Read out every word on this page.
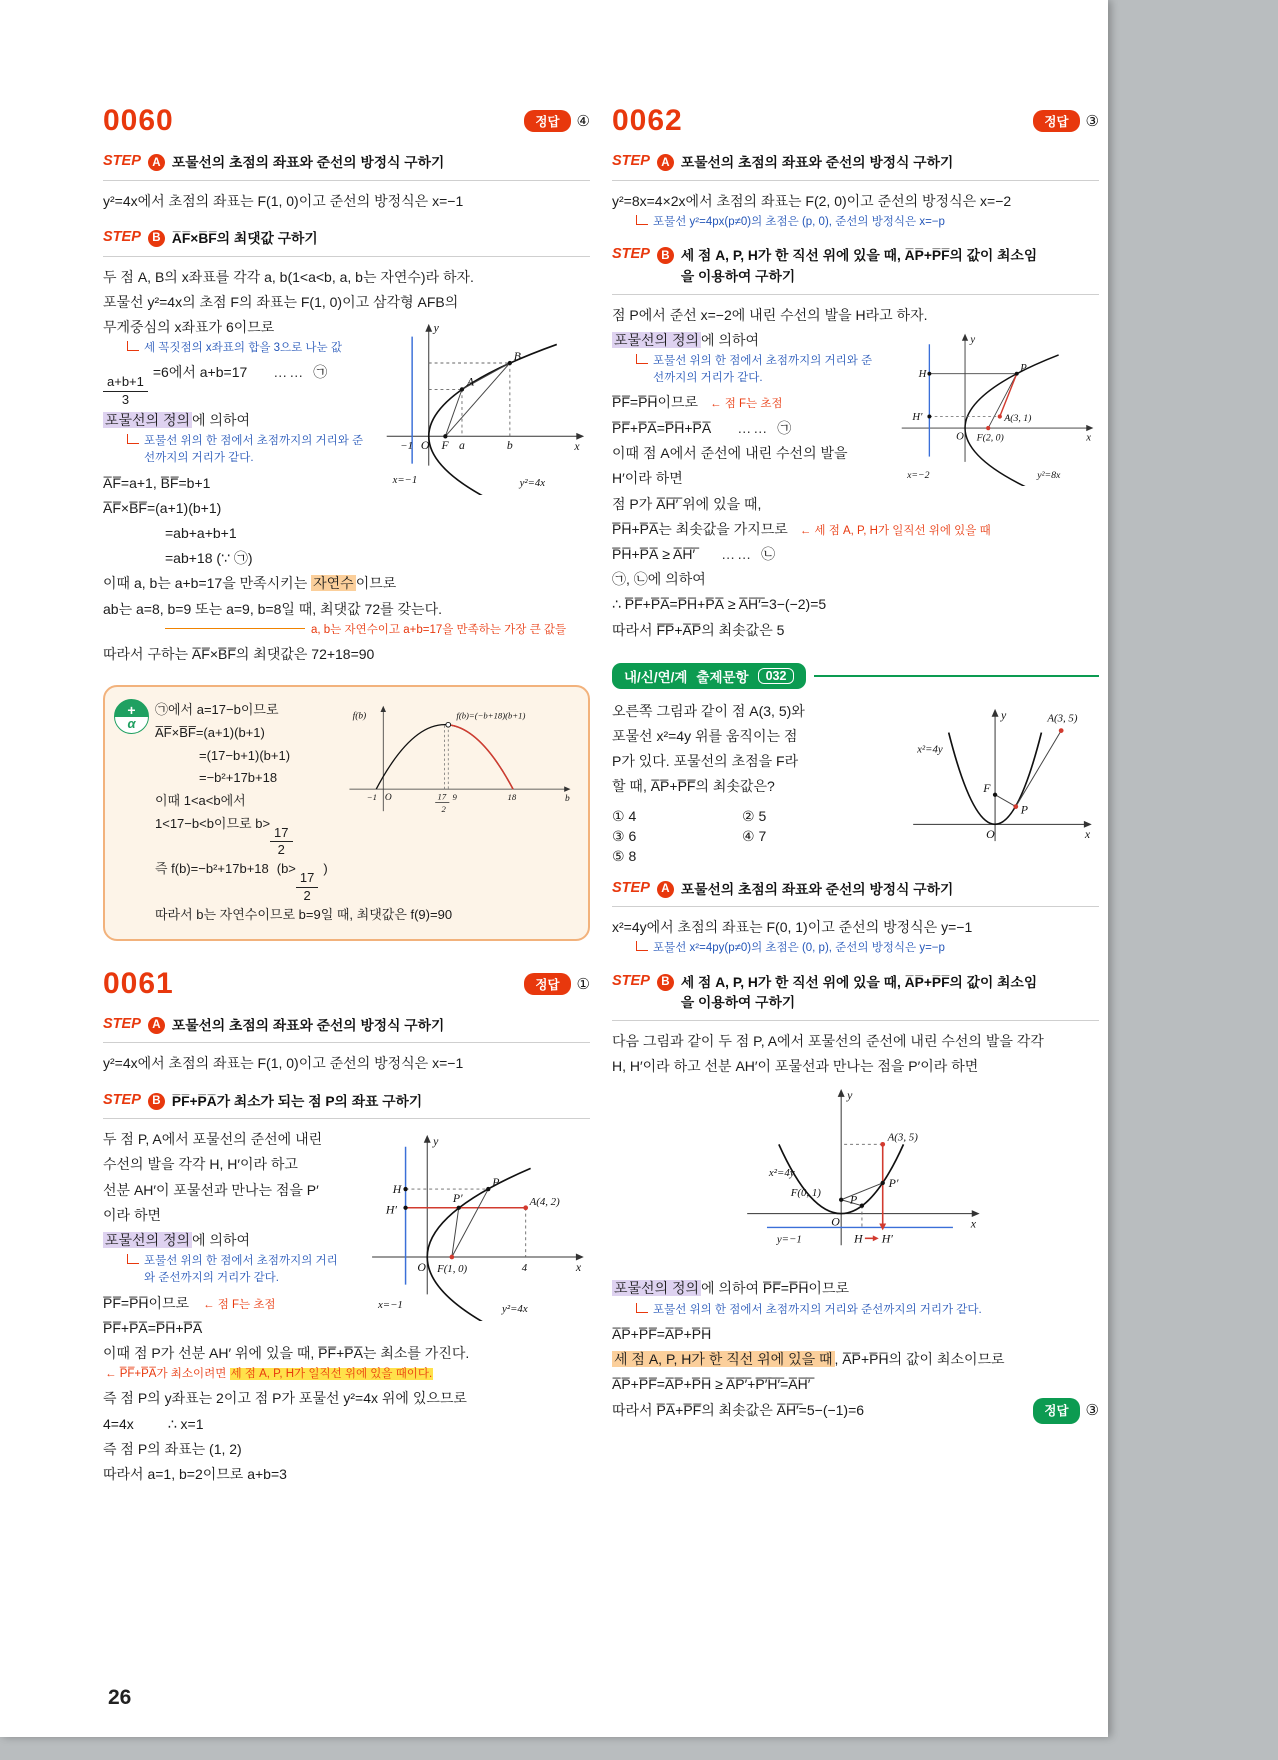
0060	정답	④
STEP A 포물선의 초점의 좌표와 준선의 방정식 구하기
y²=4x에서 초점의 좌표는 F(1, 0)이고 준선의 방정식은 x=−1
STEP B A̅F̅×B̅F̅의 최댓값 구하기
두 점 A, B의 x좌표를 각각 a, b(1<a<b, a, b는 자연수)라 하자.
포물선 y²=4x의 초점 F의 좌표는 F(1, 0)이고 삼각형 AFB의
y
x
−1 O F a	b
A
B
x=−1	y²=4x
무게중심의 x좌표가 6이므로
세 꼭짓점의 x좌표의 합을 3으로 나눈 값
$\frac{a+b+1}{3}$
=6에서 a+b=17 …… ㉠
포물선의 정의 에 의하여
포물선 위의 한 점에서 초점까지의 거리와 준선까지의 거리가 같다.
A̅F̅=a+1, B̅F̅=b+1
A̅F̅×B̅F̅=(a+1)(b+1)
=ab+a+b+1
=ab+18 (∵ ㉠)
이때 a, b는 a+b=17을 만족시키는 자연수 이므로
ab는 a=8, b=9 또는 a=9, b=8일 때, 최댓값 72를 갖는다.
a, b는 자연수이고 a+b=17을 만족하는 가장 큰 값들
따라서 구하는 A̅F̅×B̅F̅의 최댓값은 72+18=90
+
α	f(b)	f(b)=(−b+18)(b+1)
−1 O	17
2
9	18	b
㉠에서 a=17−b이므로
A̅F̅×B̅F̅=(a+1)(b+1)
=(17−b+1)(b+1)
=−b²+17b+18
이때 1<a<b에서
1<17−b<b이므로 b>
$\frac{17}{2}$
즉 f(b)=−b²+17b+18 (b>
$\frac{17}{2}$
)
따라서 b는 자연수이므로 b=9일 때, 최댓값은 f(9)=90
0061	정답	①
STEP A 포물선의 초점의 좌표와 준선의 방정식 구하기
y²=4x에서 초점의 좌표는 F(1, 0)이고 준선의 방정식은 x=−1
STEP B P̅F̅+P̅A̅가 최소가 되는 점 P의 좌표 구하기
y
x
H
H′
P
P′	A(4, 2)
O F(1, 0)	4
x=−1	y²=4x
두 점 P, A에서 포물선의 준선에 내린
수선의 발을 각각 H, H′이라 하고
선분 AH′이 포물선과 만나는 점을 P′
이라 하면
포물선의 정의 에 의하여
포물선 위의 한 점에서 초점까지의 거리와 준선까지의 거리가 같다.
P̅F̅=P̅H̅이므로 ← 점 F는 초점
P̅F̅+P̅A̅=P̅H̅+P̅A̅
이때 점 P가 선분 AH′ 위에 있을 때, P̅F̅+P̅A̅는 최소를 가진다.
← P̅F̅+P̅A̅가 최소이려면 세 점 A, P, H가 일직선 위에 있을 때이다.
즉 점 P의 y좌표는 2이고 점 P가 포물선 y²=4x 위에 있으므로
4=4x ∴ x=1
즉 점 P의 좌표는 (1, 2)
따라서 a=1, b=2이므로 a+b=3
0062	정답	③
STEP A 포물선의 초점의 좌표와 준선의 방정식 구하기
y²=8x=4×2x에서 초점의 좌표는 F(2, 0)이고 준선의 방정식은 x=−2
포물선 y²=4px(p≠0)의 초점은 (p, 0), 준선의 방정식은 x=−p
STEP B 세 점 A, P, H가 한 직선 위에 있을 때, A̅P̅+P̅F̅의 값이 최소임
을 이용하여 구하기
점 P에서 준선 x=−2에 내린 수선의 발을 H라고 하자.
y
x
H
H′
P
A(3, 1)
O F(2, 0)
x=−2	y²=8x
포물선의 정의 에 의하여
포물선 위의 한 점에서 초점까지의 거리와 준선까지의 거리가 같다.
P̅F̅=P̅H̅이므로 ← 점 F는 초점
P̅F̅+P̅A̅=P̅H̅+P̅A̅ …… ㉠
이때 점 A에서 준선에 내린 수선의 발을
H′이라 하면
점 P가 A̅H̅′̅ 위에 있을 때,
P̅H̅+P̅A̅는 최솟값을 가지므로 ← 세 점 A, P, H가 일직선 위에 있을 때
P̅H̅+P̅A̅ ≥ A̅H̅′̅ …… ㉡
㉠, ㉡에 의하여
∴ P̅F̅+P̅A̅=P̅H̅+P̅A̅ ≥ A̅H̅′̅=3−(−2)=5
따라서 F̅P̅+A̅P̅의 최솟값은 5
내/신/연/계 출제문항	032
y
x
A(3, 5)
F
P
O
x²=4y
오른쪽 그림과 같이 점 A(3, 5)와
포물선 x²=4y 위를 움직이는 점
P가 있다. 포물선의 초점을 F라
할 때, A̅P̅+P̅F̅의 최솟값은?
① 4	② 5
③ 6	④ 7
⑤ 8
STEP A 포물선의 초점의 좌표와 준선의 방정식 구하기
x²=4y에서 초점의 좌표는 F(0, 1)이고 준선의 방정식은 y=−1
포물선 x²=4py(p≠0)의 초점은 (0, p), 준선의 방정식은 y=−p
STEP B 세 점 A, P, H가 한 직선 위에 있을 때, A̅P̅+P̅F̅의 값이 최소임
을 이용하여 구하기
다음 그림과 같이 두 점 P, A에서 포물선의 준선에 내린 수선의 발을 각각
H, H′이라 하고 선분 AH′이 포물선과 만나는 점을 P′이라 하면
y
x
A(3, 5)
F(0, 1)
P′
P
O
x²=4y
y=−1	H H′
포물선의 정의 에 의하여 P̅F̅=P̅H̅이므로
포물선 위의 한 점에서 초점까지의 거리와 준선까지의 거리가 같다.
A̅P̅+P̅F̅=A̅P̅+P̅H̅
세 점 A, P, H가 한 직선 위에 있을 때 , A̅P̅+P̅H̅의 값이 최소이므로
A̅P̅+P̅F̅=A̅P̅+P̅H̅ ≥ A̅P̅′̅+P̅′̅H̅′̅=A̅H̅′̅
따라서 P̅A̅+P̅F̅의 최솟값은 A̅H̅′̅=5−(−1)=6	정답	③
26
